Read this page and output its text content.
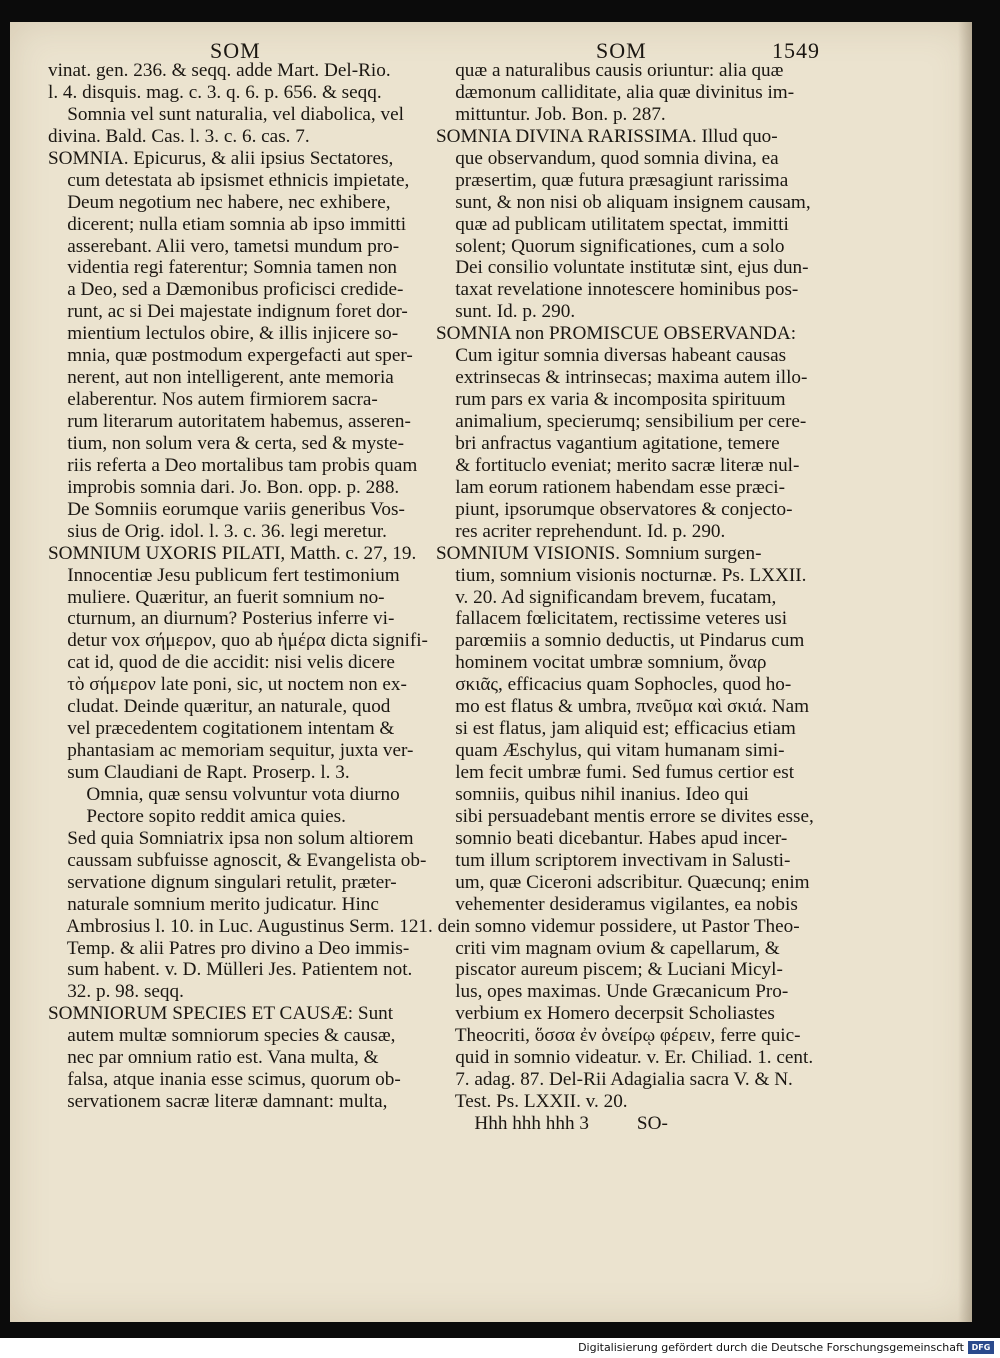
SOM	SOM	1549
vinat. gen. 236. & seqq. adde Mart. Del-Rio.
l. 4. disquis. mag. c. 3. q. 6. p. 656. & seqq.
Somnia vel sunt naturalia, vel diabolica, vel
divina. Bald. Cas. l. 3. c. 6. cas. 7.
SOMNIA. Epicurus, & alii ipsius Sectatores,
cum detestata ab ipsismet ethnicis impietate,
Deum negotium nec habere, nec exhibere,
dicerent; nulla etiam somnia ab ipso immitti
asserebant. Alii vero, tametsi mundum pro-
videntia regi faterentur; Somnia tamen non
a Deo, sed a Dæmonibus proficisci credide-
runt, ac si Dei majestate indignum foret dor-
mientium lectulos obire, & illis injicere so-
mnia, quæ postmodum expergefacti aut sper-
nerent, aut non intelligerent, ante memoria
elaberentur. Nos autem firmiorem sacra-
rum literarum autoritatem habemus, asseren-
tium, non solum vera & certa, sed & myste-
riis referta a Deo mortalibus tam probis quam
improbis somnia dari. Jo. Bon. opp. p. 288.
De Somniis eorumque variis generibus Vos-
sius de Orig. idol. l. 3. c. 36. legi meretur.
SOMNIUM UXORIS PILATI, Matth. c. 27, 19.
Innocentiæ Jesu publicum fert testimonium
muliere. Quæritur, an fuerit somnium no-
cturnum, an diurnum? Posterius inferre vi-
detur vox σήμερον, quo ab ἡμέρα dicta signifi-
cat id, quod de die accidit: nisi velis dicere
τὸ σήμερον late poni, sic, ut noctem non ex-
cludat. Deinde quæritur, an naturale, quod
vel præcedentem cogitationem intentam &
phantasiam ac memoriam sequitur, juxta ver-
sum Claudiani de Rapt. Proserp. l. 3.
Omnia, quæ sensu volvuntur vota diurno
Pectore sopito reddit amica quies.
Sed quia Somniatrix ipsa non solum altiorem
caussam subfuisse agnoscit, & Evangelista ob-
servatione dignum singulari retulit, præter-
naturale somnium merito judicatur. Hinc
Ambrosius l. 10. in Luc. Augustinus Serm. 121. de
Temp. & alii Patres pro divino a Deo immis-
sum habent. v. D. Mülleri Jes. Patientem not.
32. p. 98. seqq.
SOMNIORUM SPECIES ET CAUSÆ: Sunt
autem multæ somniorum species & causæ,
nec par omnium ratio est. Vana multa, &
falsa, atque inania esse scimus, quorum ob-
servationem sacræ literæ damnant: multa,
quæ a naturalibus causis oriuntur: alia quæ
dæmonum calliditate, alia quæ divinitus im-
mittuntur. Job. Bon. p. 287.
SOMNIA DIVINA RARISSIMA. Illud quo-
que observandum, quod somnia divina, ea
præsertim, quæ futura præsagiunt rarissima
sunt, & non nisi ob aliquam insignem causam,
quæ ad publicam utilitatem spectat, immitti
solent; Quorum significationes, cum a solo
Dei consilio voluntate institutæ sint, ejus dun-
taxat revelatione innotescere hominibus pos-
sunt. Id. p. 290.
SOMNIA non PROMISCUE OBSERVANDA:
Cum igitur somnia diversas habeant causas
extrinsecas & intrinsecas; maxima autem illo-
rum pars ex varia & incomposita spirituum
animalium, specierumq; sensibilium per cere-
bri anfractus vagantium agitatione, temere
& fortituclo eveniat; merito sacræ literæ nul-
lam eorum rationem habendam esse præci-
piunt, ipsorumque observatores & conjecto-
res acriter reprehendunt. Id. p. 290.
SOMNIUM VISIONIS. Somnium surgen-
tium, somnium visionis nocturnæ. Ps. LXXII.
v. 20. Ad significandam brevem, fucatam,
fallacem fœlicitatem, rectissime veteres usi
parœmiis a somnio deductis, ut Pindarus cum
hominem vocitat umbræ somnium, ὄναρ
σκιᾶς, efficacius quam Sophocles, quod ho-
mo est flatus & umbra, πνεῦμα καὶ σκιά. Nam
si est flatus, jam aliquid est; efficacius etiam
quam Æschylus, qui vitam humanam simi-
lem fecit umbræ fumi. Sed fumus certior est
somniis, quibus nihil inanius. Ideo qui
sibi persuadebant mentis errore se divites esse,
somnio beati dicebantur. Habes apud incer-
tum illum scriptorem invectivam in Salusti-
um, quæ Ciceroni adscribitur. Quæcunq; enim
vehementer desideramus vigilantes, ea nobis
in somno videmur possidere, ut Pastor Theo-
criti vim magnam ovium & capellarum, &
piscator aureum piscem; & Luciani Micyl-
lus, opes maximas. Unde Græcanicum Pro-
verbium ex Homero decerpsit Scholiastes
Theocriti, ὅσσα ἐν ὀνείρῳ φέρειν, ferre quic-
quid in somnio videatur. v. Er. Chiliad. 1. cent.
7. adag. 87. Del-Rii Adagialia sacra V. & N.
Test. Ps. LXXII. v. 20.
Hhh hhh hhh 3          SO-
Digitalisierung gefördert durch die Deutsche Forschungsgemeinschaft DFG
